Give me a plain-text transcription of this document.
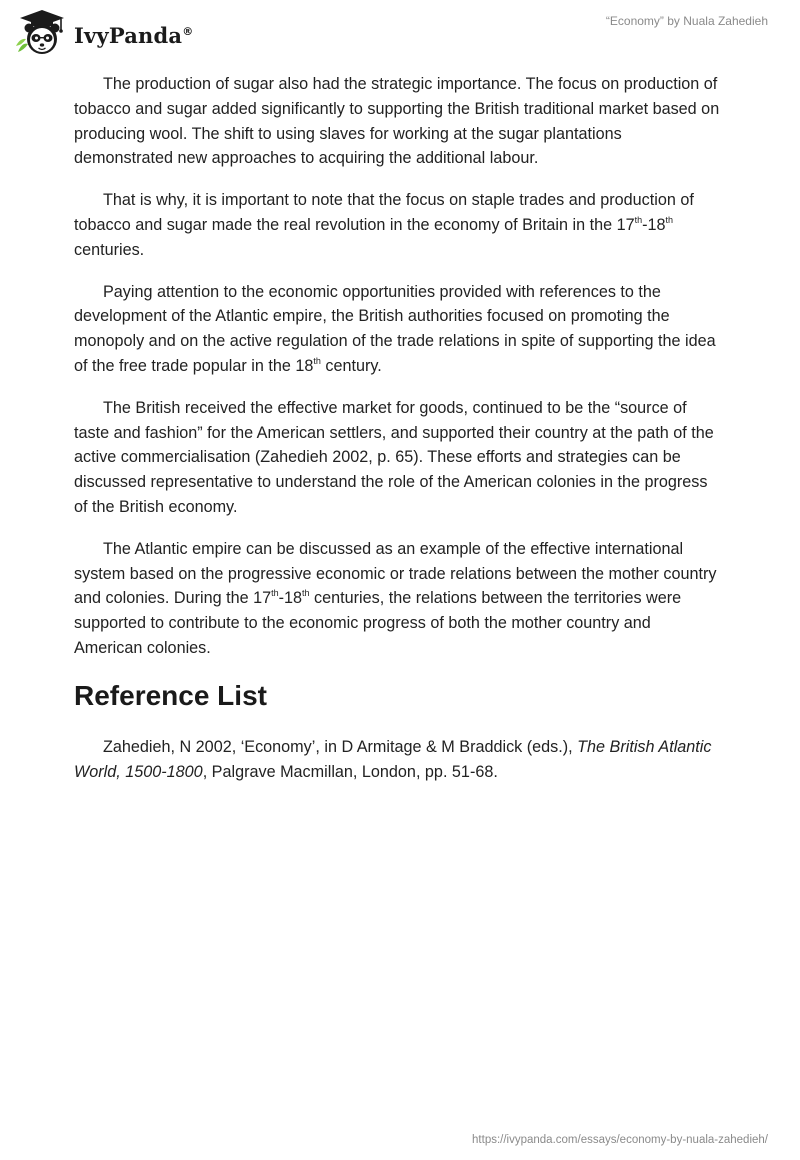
IvyPanda®
“Economy” by Nuala Zahedieh

The production of sugar also had the strategic importance. The focus on production of tobacco and sugar added significantly to supporting the British traditional market based on producing wool. The shift to using slaves for working at the sugar plantations demonstrated new approaches to acquiring the additional labour.

That is why, it is important to note that the focus on staple trades and production of tobacco and sugar made the real revolution in the economy of Britain in the 17th-18th centuries.

Paying attention to the economic opportunities provided with references to the development of the Atlantic empire, the British authorities focused on promoting the monopoly and on the active regulation of the trade relations in spite of supporting the idea of the free trade popular in the 18th century.

The British received the effective market for goods, continued to be the “source of taste and fashion” for the American settlers, and supported their country at the path of the active commercialisation (Zahedieh 2002, p. 65). These efforts and strategies can be discussed representative to understand the role of the American colonies in the progress of the British economy.

The Atlantic empire can be discussed as an example of the effective international system based on the progressive economic or trade relations between the mother country and colonies. During the 17th-18th centuries, the relations between the territories were supported to contribute to the economic progress of both the mother country and American colonies.

Reference List

Zahedieh, N 2002, ‘Economy’, in D Armitage & M Braddick (eds.), The British Atlantic World, 1500-1800, Palgrave Macmillan, London, pp. 51-68.

https://ivypanda.com/essays/economy-by-nuala-zahedieh/
